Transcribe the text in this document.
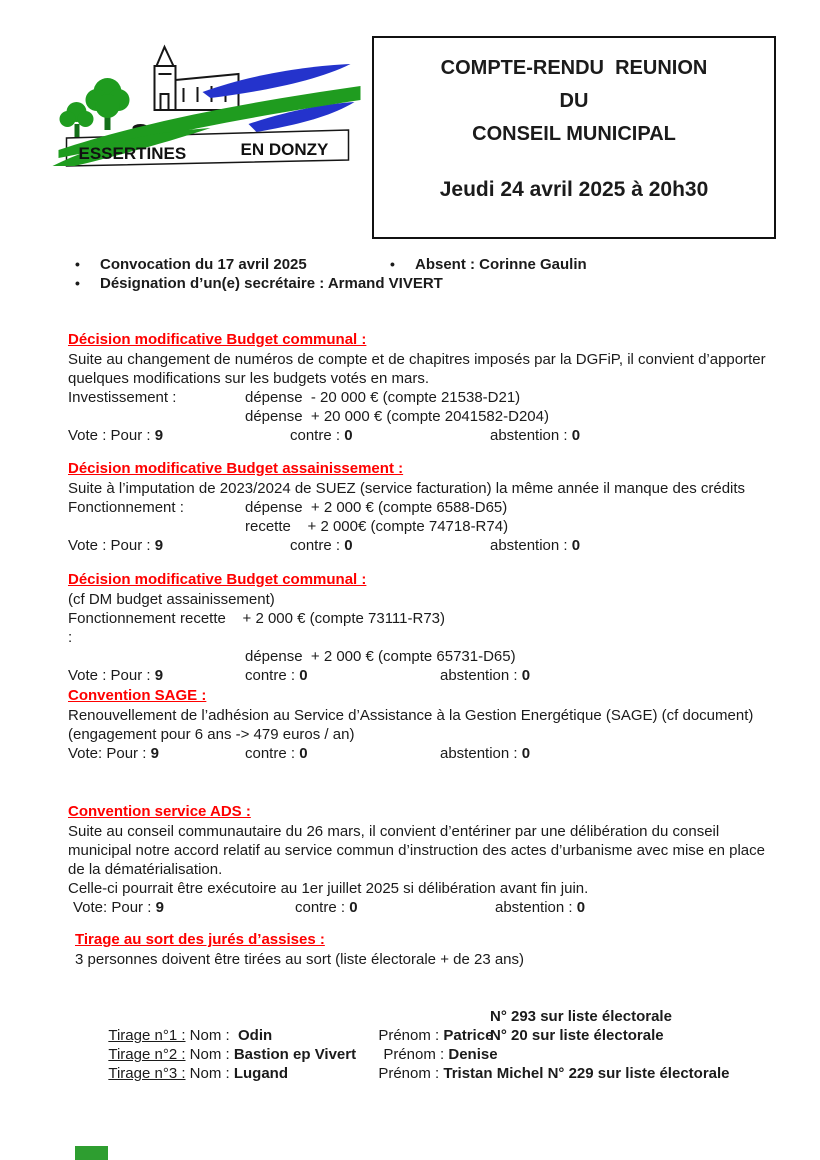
ESSERTINES	EN DONZY
COMPTE-RENDU  REUNION
DU
CONSEIL MUNICIPAL
Jeudi 24 avril 2025 à 20h30
•	Convocation du 17 avril 2025	•	Absent : Corinne Gaulin
•	Désignation d’un(e) secrétaire : Armand VIVERT
Décision modificative Budget communal :
Suite au changement de numéros de compte et de chapitres imposés par la DGFiP, il convient d’apporter quelques modifications sur les budgets votés en mars.
Investissement :	dépense  - 20 000 € (compte 21538-D21)
dépense  + 20 000 € (compte 2041582-D204)
Vote : Pour : 9	contre : 0	abstention : 0
Décision modificative Budget assainissement :
Suite à l’imputation de 2023/2024 de SUEZ (service facturation) la même année il manque des crédits
Fonctionnement :	dépense  + 2 000 € (compte 6588-D65)
recette    + 2 000€ (compte 74718-R74)
Vote : Pour : 9	contre : 0	abstention : 0
Décision modificative Budget communal :
(cf DM budget assainissement)
Fonctionnement :
recette    + 2 000 € (compte 73111-R73)
dépense  + 2 000 € (compte 65731-D65)
Vote : Pour : 9	contre : 0	abstention : 0
Convention SAGE :
Renouvellement de l’adhésion au Service d’Assistance à la Gestion Energétique (SAGE) (cf document)
(engagement pour 6 ans -> 479 euros / an)
Vote: Pour : 9	contre : 0	abstention : 0
Convention service ADS :
Suite au conseil communautaire du 26 mars, il convient d’entériner par une délibération du conseil municipal notre accord relatif au service commun d’instruction des actes d’urbanisme avec mise en place de la dématérialisation.
Celle-ci pourrait être exécutoire au 1er juillet 2025 si délibération avant fin juin.
Vote: Pour : 9	contre : 0	abstention : 0
Tirage au sort des jurés d’assises :
3 personnes doivent être tirées au sort (liste électorale + de 23 ans)

Tirage n°1 : Nom :  Odin

	Prénom : Patrice

N° 293 sur liste électorale

Tirage n°2 : Nom : Bastion ep Vivert

	Prénom : Denise

N° 20 sur liste électorale

Tirage n°3 : Nom : Lugand

	Prénom : Tristan Michel N° 229 sur liste électorale
